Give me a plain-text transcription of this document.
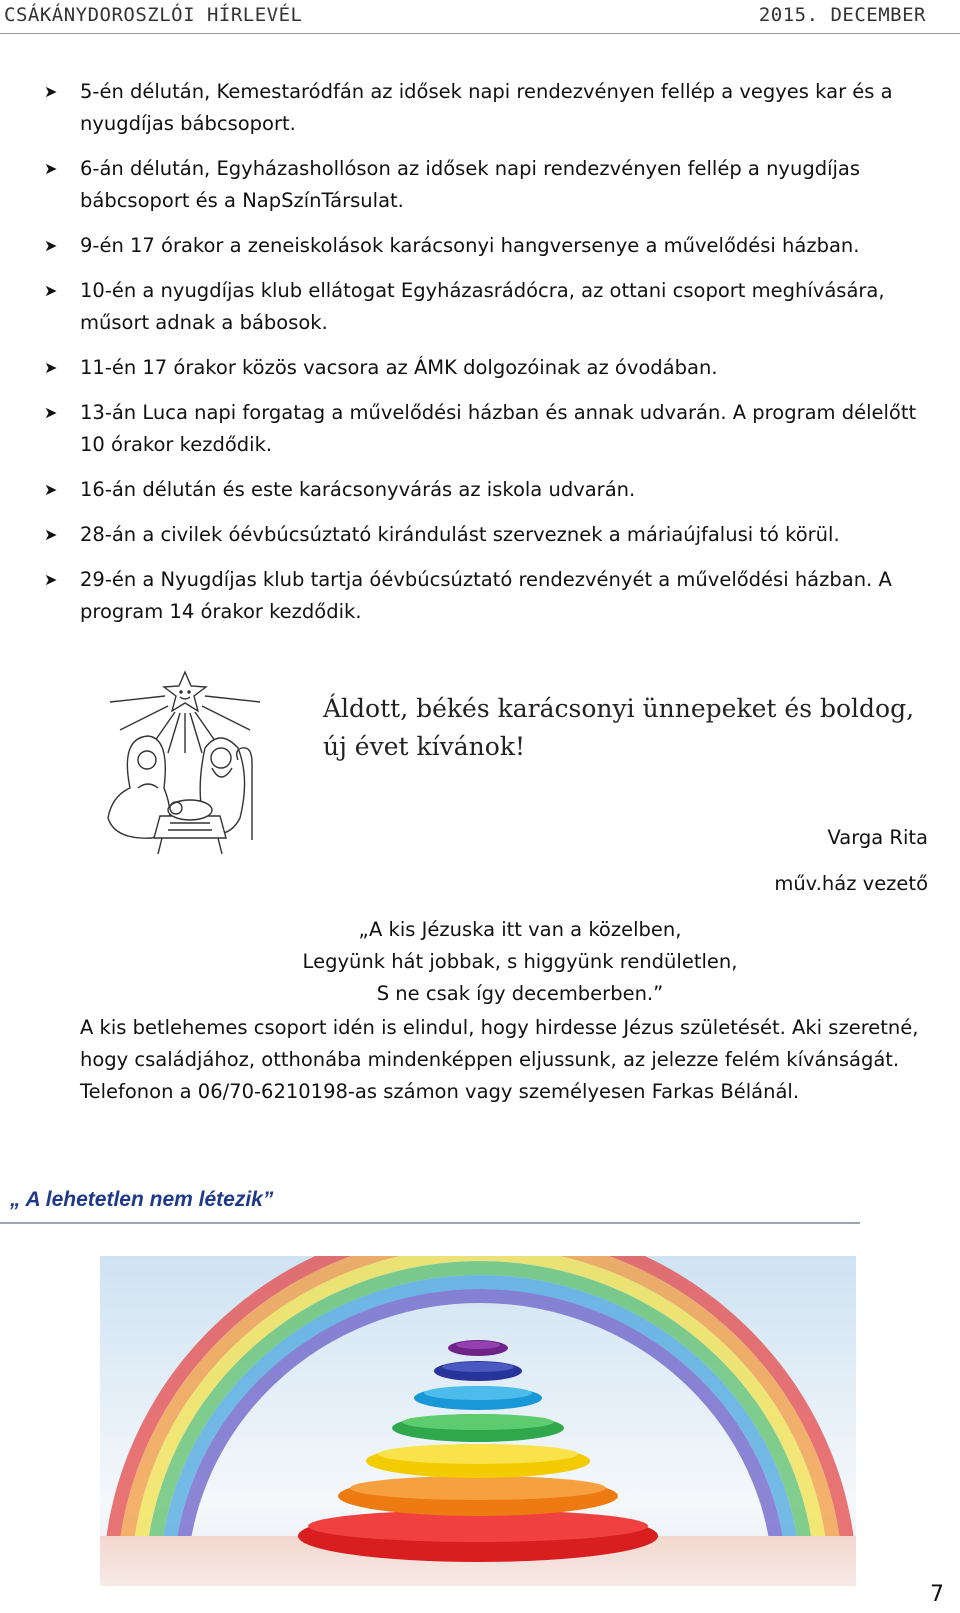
CSÁKÁNYDOROSZLÓI HÍRLEVÉL	2015. DECEMBER
➤ 5-én délután, Kemestaródfán az idősek napi rendezvényen fellép a vegyes kar és a nyugdíjas bábcsoport.
➤ 6-án délután, Egyházashollóson az idősek napi rendezvényen fellép a nyugdíjas bábcsoport és a NapSzínTársulat.
➤ 9-én 17 órakor a zeneiskolások karácsonyi hangversenye a művelődési házban.
➤ 10-én a nyugdíjas klub ellátogat Egyházasrádócra, az ottani csoport meghívására, műsort adnak a bábosok.
➤ 11-én 17 órakor közös vacsora az ÁMK dolgozóinak az óvodában.
➤ 13-án Luca napi forgatag a művelődési házban és annak udvarán. A program délelőtt 10 órakor kezdődik.
➤ 16-án délután és este karácsonyvárás az iskola udvarán.
➤ 28-án a civilek óévbúcsúztató kirándulást szerveznek a máriaújfalusi tó körül.
➤ 29-én a Nyugdíjas klub tartja óévbúcsúztató rendezvényét a művelődési házban. A program 14 órakor kezdődik.
Áldott, békés karácsonyi ünnepeket és boldog, új évet kívánok!
Varga Rita
műv.ház vezető
„A kis Jézuska itt van a közelben,
Legyünk hát jobbak, s higgyünk rendületlen,
S ne csak így decemberben.”
A kis betlehemes csoport idén is elindul, hogy hirdesse Jézus születését. Aki szeretné, hogy családjához, otthonába mindenképpen eljussunk, az jelezze felém kívánságát. Telefonon a 06/70-6210198-as számon vagy személyesen Farkas Bélánál.
„ A lehetetlen nem létezik”
7
